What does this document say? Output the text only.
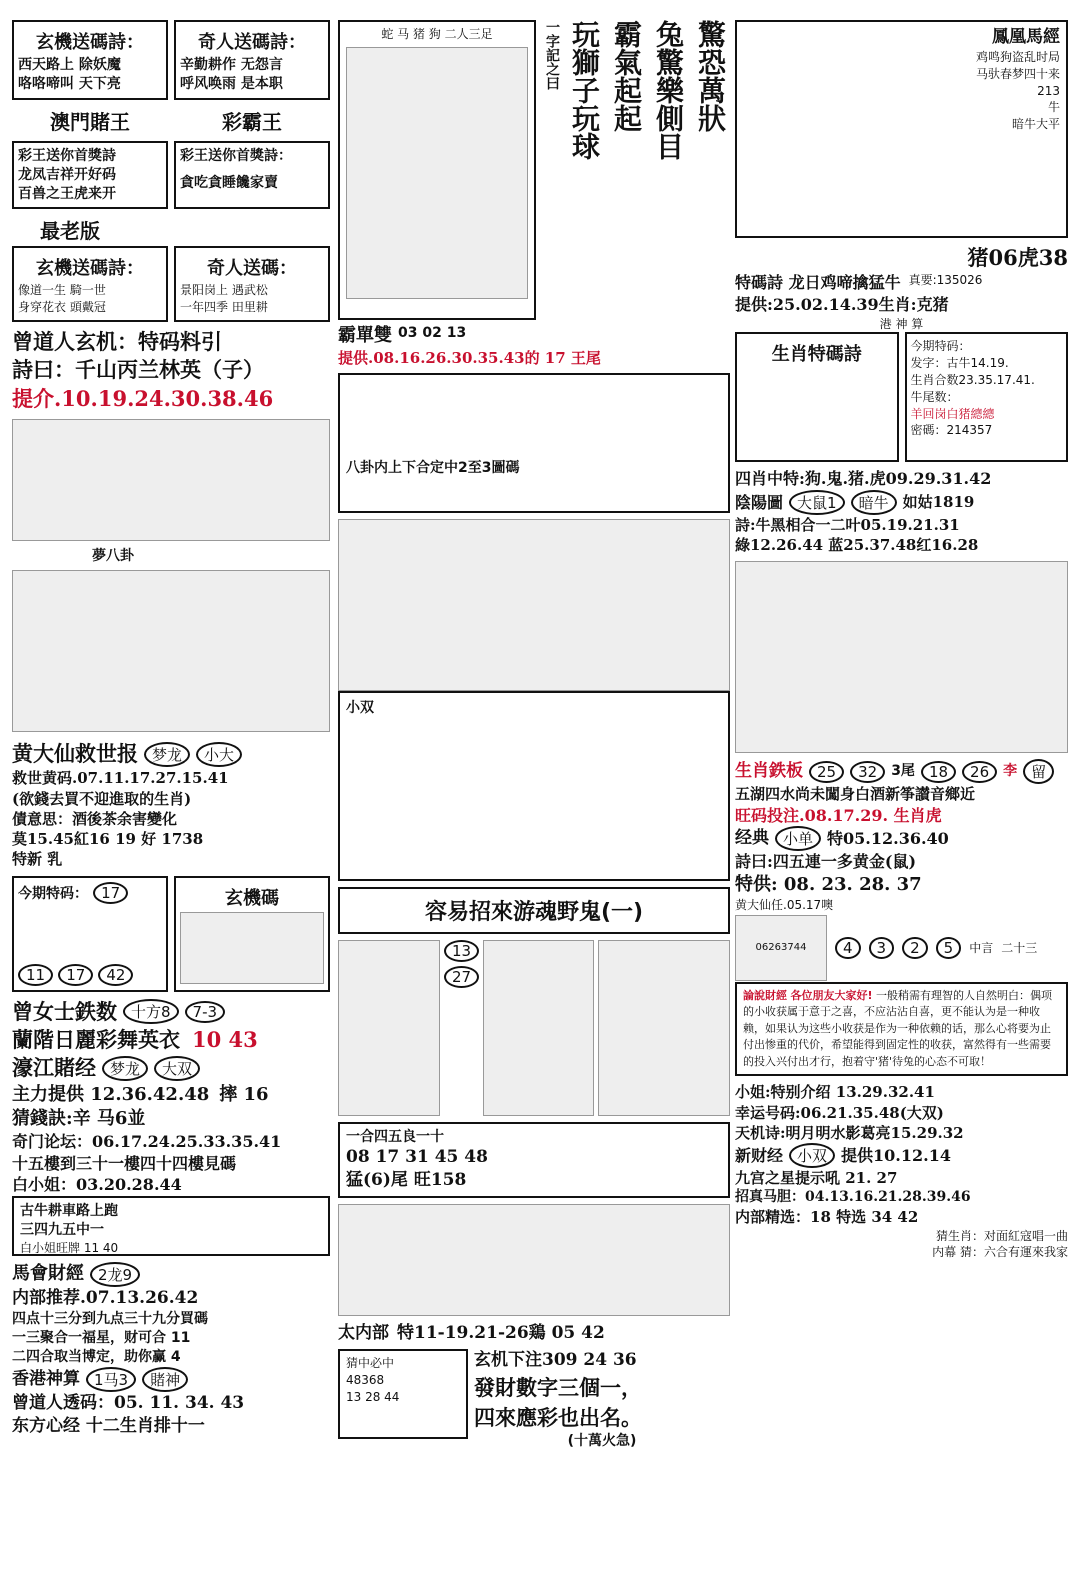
玄機送碼詩：
西天路上 除妖魔
咯咯啼叫 天下亮
奇人送碼詩：
辛勤耕作 无怨言
呼风唤雨 是本职
澳門賭王	彩霸王
彩王送你首獎詩
龙凤吉祥开好码
百兽之王虎来开
彩王送你首獎詩：
貪吃貪睡饞家賣
最老版
玄機送碼詩：
像道一生 騎一世
身穿花衣 頭戴冠
奇人送碼：
景阳岗上 遇武松
一年四季 田里耕
曾道人玄机：特码料引
詩曰：千山丙兰林英（子）
提介.10.19.24.30.38.46
夢八卦
黄大仙救世报 梦龙	小大
救世黄码.07.11.17.27.15.41
(欲錢去買不迎進取的生肖)
債意思：酒後茶余害變化
莫15.45紅16 19 好 1738
特新 乳
今期特码： 17
11 17 42
玄機碼
曾女士鉄数 十方8	7-3
蘭階日麗彩舞英衣 10 43
濠江賭经 梦龙	大双
主力提供 12.36.42.48 摔 16
猜錢訣:辛 马6並
奇门论坛：06.17.24.25.33.35.41
十五樓到三十一樓四十四樓見碼
白小姐：03.20.28.44
古牛耕車路上跑
三四九五中一
白小姐旺牌 11 40
馬會財經 2龙9
内部推荐.07.13.26.42
四点十三分到九点三十九分買碼
一三聚合一福星，财可合 11
二四合取当博定，助你赢 4
香港神算 1马3	賭神
曾道人透码：05. 11. 34. 43
东方心经 十二生肖排十一
蛇 马 猪 狗 二人三足	一字記之曰 玩獅子玩球 霸氣起起 兔驚樂側目 驚恐萬狀
霸單雙 03 02 13
提供.08.16.26.30.35.43的 17 王尾
八卦内上下合定中2至3圖碼
小双
容易招來游魂野鬼(一)
13
27
一合四五良一十
08 17 31 45 48
猛(6)尾 旺158
太内部 特11-19.21-26鶏 05 42
猜中必中
48368
13 28 44
玄机下注309 24 36
發財數字三個一，
四來應彩也出名。
(十萬火急)
鳳凰馬經
鸡鸣狗盗乱时局
马驮春梦四十来
213
牛
暗牛大平
猪06虎38
特碼詩 龙日鸡啼擒猛牛 真要:135026
提供:25.02.14.39生肖:克猪
港 神 算
生肖特碼詩	今期特码：
发字：古牛14.19.
生肖合数23.35.17.41.
牛尾数：
羊回岗白猪總總
密碼：214357
四肖中特:狗.鬼.猪.虎09.29.31.42
陰陽圖 大鼠1	暗牛 如姑1819
詩:牛黑相合一二叶05.19.21.31
綠12.26.44 蓝25.37.48红16.28
生肖鉄板 25	32	3尾 18	26	李 留
五湖四水尚未闖身白酒新筝讃音鄉近
旺码投注.08.17.29. 生肖虎
经典 小单 特05.12.36.40
詩曰:四五連一多黄金(鼠)
特供: 08. 23. 28. 37
黄大仙任.05.17噢
06 26 37 44	4	3	2	5	中言 二十三
論說財經 各位朋友大家好! 一般稍需有理智的人自然明白：偶项的小收获属于意于之喜，不应沾沾自喜，更不能认为是一种收赖，如果认为这些小收获是作为一种依赖的话，那么心将要为止付出惨重的代价，希望能得到固定性的收获，富然得有一些需要的投入兴付出才行，抱着守'猪'待兔的心态不可取！
小姐:特别介绍 13.29.32.41
幸运号码:06.21.35.48(大双)
天机诗:明月明水影葛亮15.29.32
新财经 小双 提供10.12.14
九宫之星提示吼 21. 27
招真马胆：04.13.16.21.28.39.46
内部精选：18 特选 34 42
猜生肖：对面紅寇唱一曲
内幕 猜：六合有運來我家
